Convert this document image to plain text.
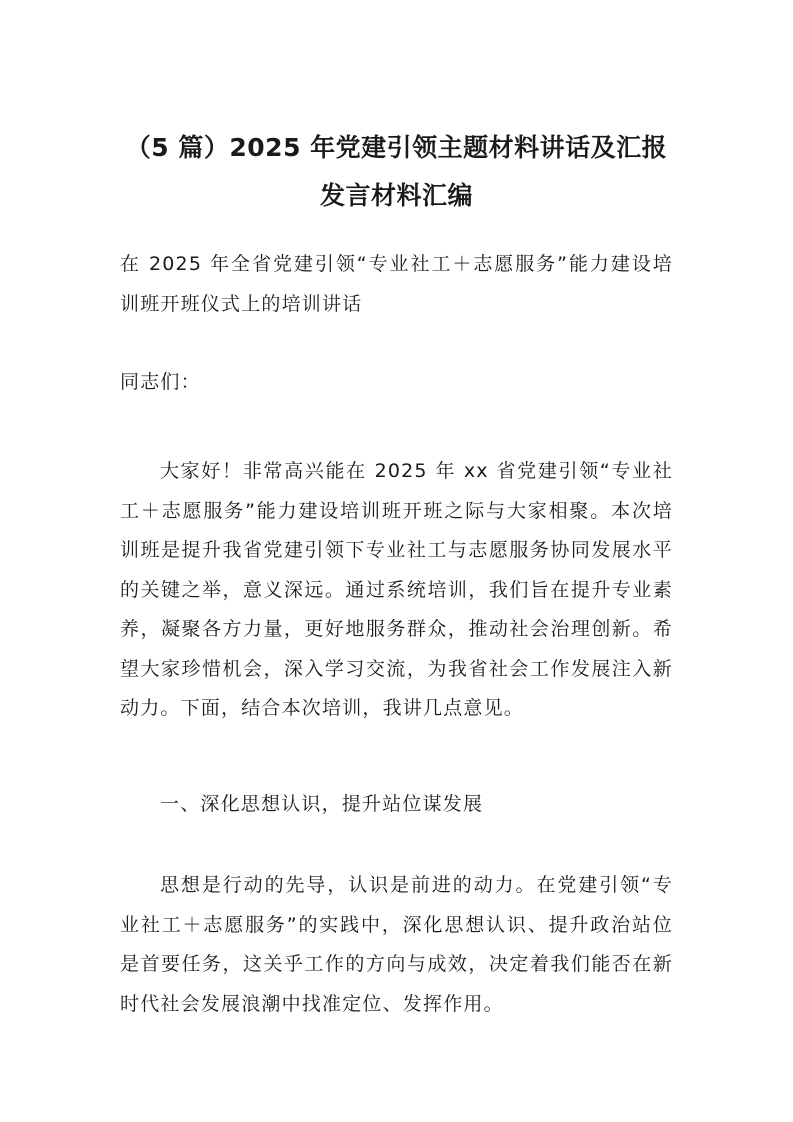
（5 篇）2025 年党建引领主题材料讲话及汇报发言材料汇编

在 2025 年全省党建引领“专业社工＋志愿服务”能力建设培训班开班仪式上的培训讲话

同志们：

大家好！非常高兴能在 2025 年 xx 省党建引领“专业社工＋志愿服务”能力建设培训班开班之际与大家相聚。本次培训班是提升我省党建引领下专业社工与志愿服务协同发展水平的关键之举，意义深远。通过系统培训，我们旨在提升专业素养，凝聚各方力量，更好地服务群众，推动社会治理创新。希望大家珍惜机会，深入学习交流，为我省社会工作发展注入新动力。下面，结合本次培训，我讲几点意见。

一、深化思想认识，提升站位谋发展

思想是行动的先导，认识是前进的动力。在党建引领“专业社工＋志愿服务”的实践中，深化思想认识、提升政治站位是首要任务，这关乎工作的方向与成效，决定着我们能否在新时代社会发展浪潮中找准定位、发挥作用。
